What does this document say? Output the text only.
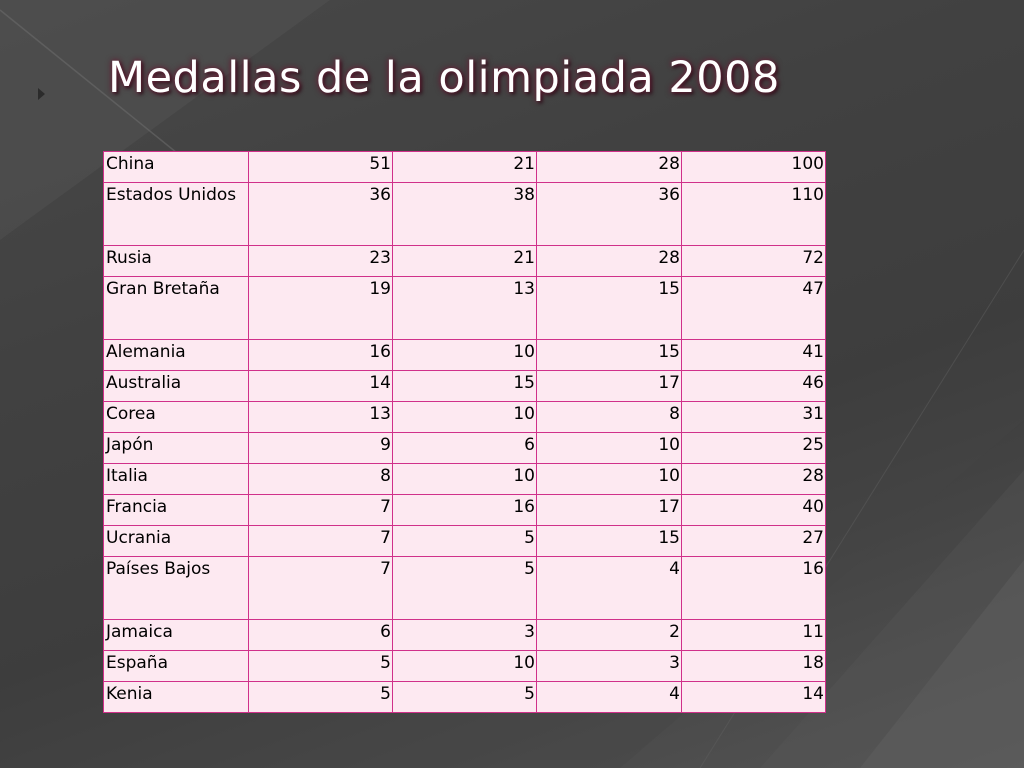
Medallas de la olimpiada 2008
China	51	21	28	100
Estados Unidos	36	38	36	110
Rusia	23	21	28	72
Gran Bretaña	19	13	15	47
Alemania	16	10	15	41
Australia	14	15	17	46
Corea	13	10	8	31
Japón	9	6	10	25
Italia	8	10	10	28
Francia	7	16	17	40
Ucrania	7	5	15	27
Países Bajos	7	5	4	16
Jamaica	6	3	2	11
España	5	10	3	18
Kenia	5	5	4	14
